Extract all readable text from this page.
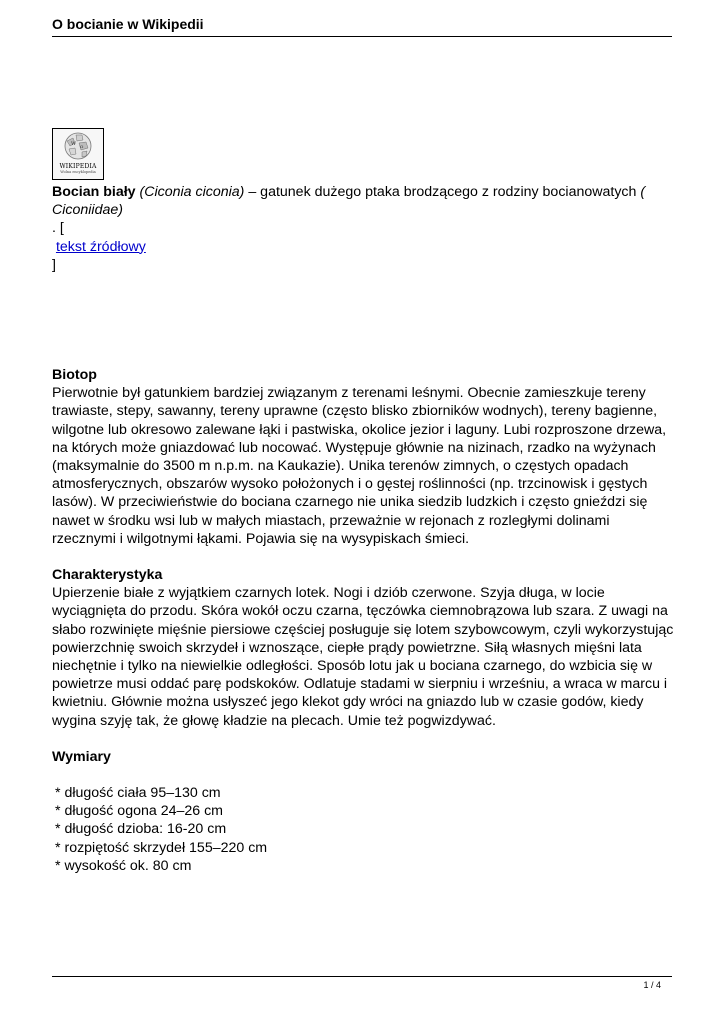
O bocianie w Wikipedii
W Ω
WIKIPEDIA
Wolna encyklopedia

Bocian biały (Ciconia ciconia) – gatunek dużego ptaka brodzącego z rodziny bocianowatych ( Ciconiidae)

. [

tekst źródłowy

]

Biotop

Pierwotnie był gatunkiem bardziej związanym z terenami leśnymi. Obecnie zamieszkuje tereny trawiaste, stepy, sawanny, tereny uprawne (często blisko zbiorników wodnych), tereny bagienne, wilgotne lub okresowo zalewane łąki i pastwiska, okolice jezior i laguny. Lubi rozproszone drzewa, na których może gniazdować lub nocować. Występuje głównie na nizinach, rzadko na wyżynach (maksymalnie do 3500 m n.p.m. na Kaukazie). Unika terenów zimnych, o częstych opadach atmosferycznych, obszarów wysoko położonych i o gęstej roślinności (np. trzcinowisk i gęstych lasów). W przeciwieństwie do bociana czarnego nie unika siedzib ludzkich i często gnieździ się nawet w środku wsi lub w małych miastach, przeważnie w rejonach z rozległymi dolinami rzecznymi i wilgotnymi łąkami. Pojawia się na wysypiskach śmieci.

Charakterystyka

Upierzenie białe z wyjątkiem czarnych lotek. Nogi i dziób czerwone. Szyja długa, w locie wyciągnięta do przodu. Skóra wokół oczu czarna, tęczówka ciemnobrązowa lub szara. Z uwagi na słabo rozwinięte mięśnie piersiowe częściej posługuje się lotem szybowcowym, czyli wykorzystując powierzchnię swoich skrzydeł i wznoszące, ciepłe prądy powietrzne. Siłą własnych mięśni lata niechętnie i tylko na niewielkie odległości. Sposób lotu jak u bociana czarnego, do wzbicia się w powietrze musi oddać parę podskoków. Odlatuje stadami w sierpniu i wrześniu, a wraca w marcu i kwietniu. Głównie można usłyszeć jego klekot gdy wróci na gniazdo lub w czasie godów, kiedy wygina szyję tak, że głowę kładzie na plecach. Umie też pogwizdywać.

Wymiary

* długość ciała 95–130 cm
* długość ogona 24–26 cm
* długość dzioba: 16-20 cm
* rozpiętość skrzydeł 155–220 cm
* wysokość ok. 80 cm
1 / 4
